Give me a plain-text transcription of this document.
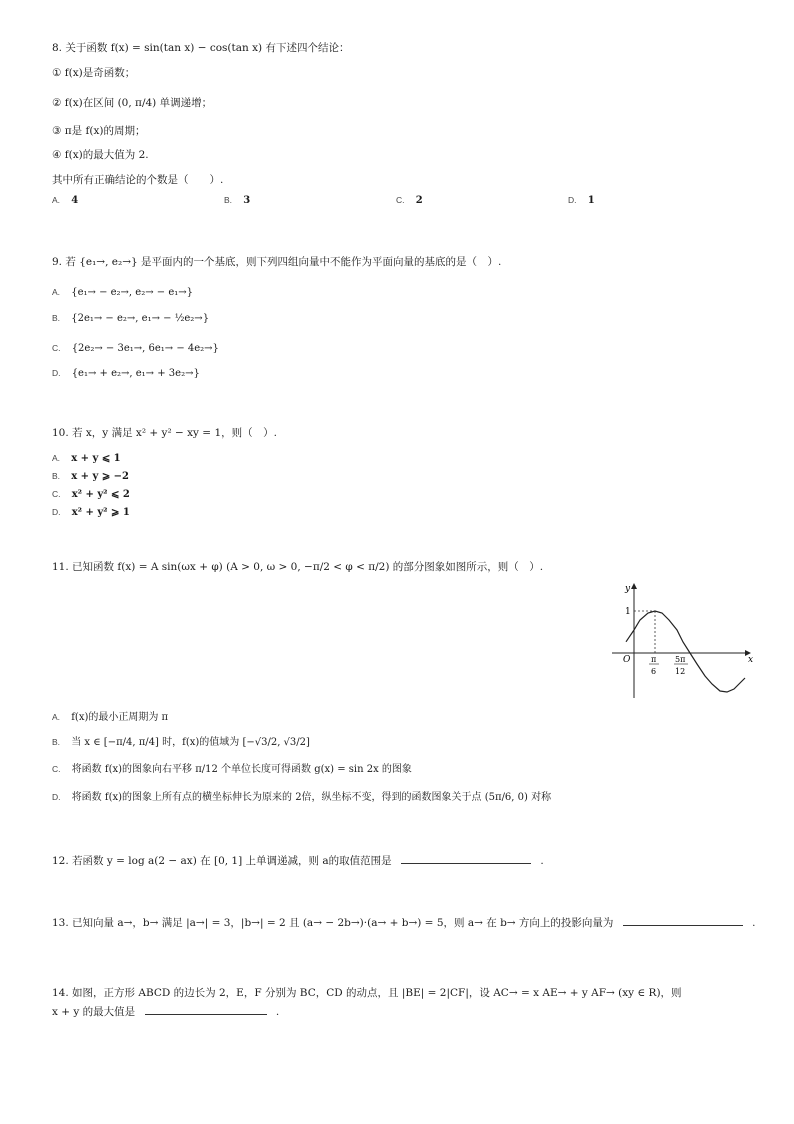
8. 关于函数 f(x) = sin(tan x) − cos(tan x) 有下述四个结论：
① f(x)是奇函数；
② f(x)在区间 (0, π/4) 单调递增；
③ π是 f(x)的周期；
④ f(x)的最大值为 2.
其中所有正确结论的个数是（　　）.
A. 4	B. 3	C. 2	D. 1
9. 若 {e₁→, e₂→} 是平面内的一个基底，则下列四组向量中不能作为平面向量的基底的是（　）.
A. {e₁→ − e₂→, e₂→ − e₁→}
B. {2e₁→ − e₂→, e₁→ − ½e₂→}
C. {2e₂→ − 3e₁→, 6e₁→ − 4e₂→}
D. {e₁→ + e₂→, e₁→ + 3e₂→}
10. 若 x，y 满足 x² + y² − xy = 1，则（　）.
A. x + y ⩽ 1
B. x + y ⩾ −2
C. x² + y² ⩽ 2
D. x² + y² ⩾ 1
11. 已知函数 f(x) = A sin(ωx + φ) (A > 0, ω > 0, −π/2 < φ < π/2) 的部分图象如图所示，则（　）.
y
x
O
1
π
6
5π
12
A. f(x)的最小正周期为 π
B. 当 x ∈ [−π/4, π/4] 时，f(x)的值域为 [−√3/2, √3/2]
C. 将函数 f(x)的图象向右平移 π/12 个单位长度可得函数 g(x) = sin 2x 的图象
D. 将函数 f(x)的图象上所有点的横坐标伸长为原来的 2倍，纵坐标不变，得到的函数图象关于点 (5π/6, 0) 对称
12. 若函数 y = log a(2 − ax) 在 [0, 1] 上单调递减，则 a的取值范围是	.
13. 已知向量 a→，b→ 满足 |a→| = 3，|b→| = 2 且 (a→ − 2b→)·(a→ + b→) = 5，则 a→ 在 b→ 方向上的投影向量为	.
14. 如图，正方形 ABCD 的边长为 2，E，F 分别为 BC，CD 的动点，且 |BE| = 2|CF|，设 AC→ = x AE→ + y AF→ (xy ∈ R)，则
x + y 的最大值是	.
